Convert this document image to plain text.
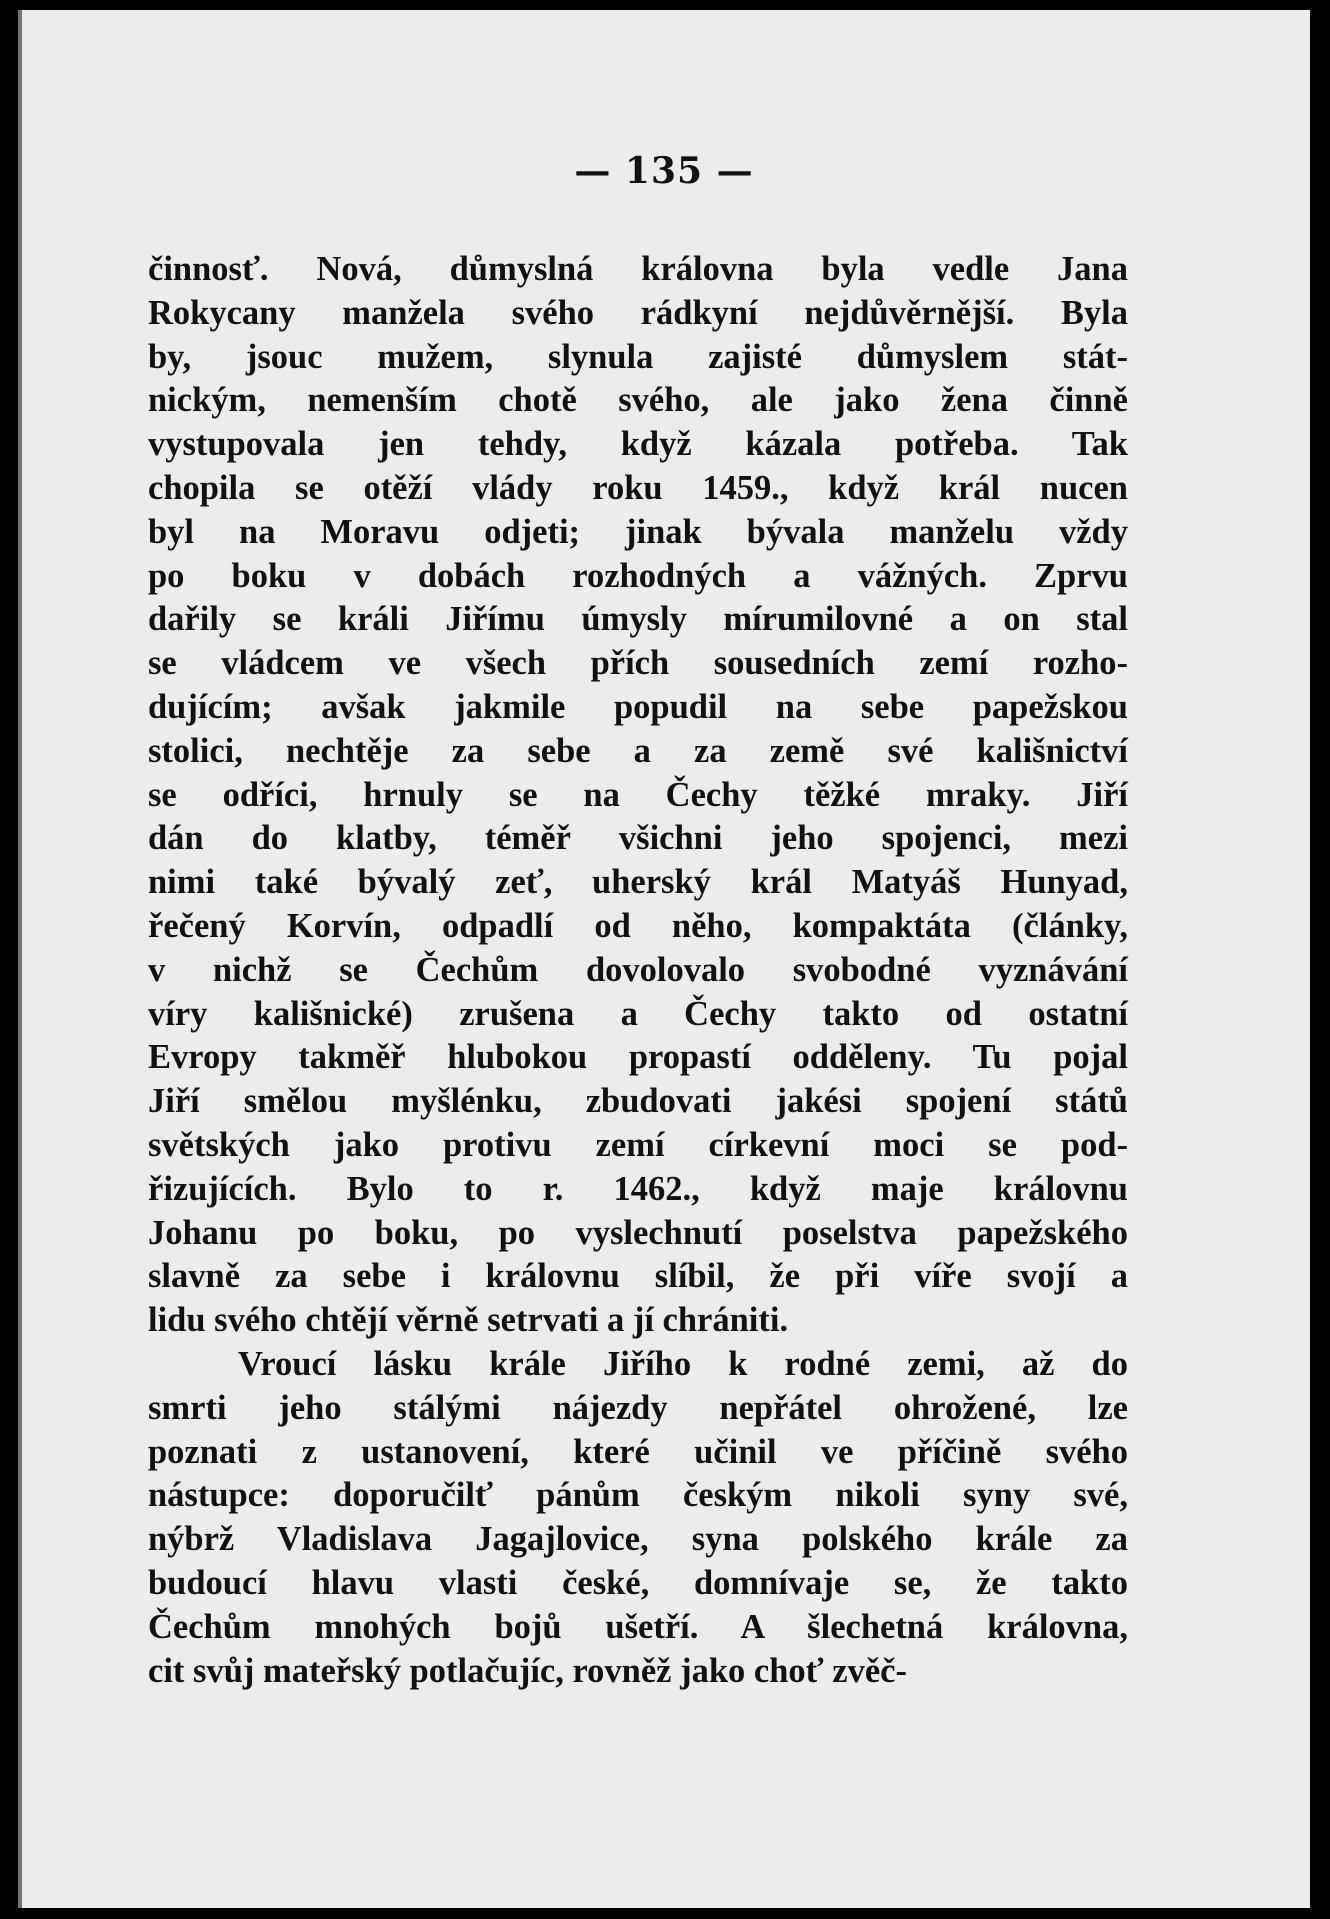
— 135 —
činnosť. Nová, důmyslná královna byla vedle Jana
Rokycany manžela svého rádkyní nejdůvěrnější. Byla
by, jsouc mužem, slynula zajisté důmyslem stát-
nickým, nemenším chotě svého, ale jako žena činně
vystupovala jen tehdy, když kázala potřeba. Tak
chopila se otěží vlády roku 1459., když král nucen
byl na Moravu odjeti; jinak bývala manželu vždy
po boku v dobách rozhodných a vážných. Zprvu
dařily se králi Jiřímu úmysly mírumilovné a on stal
se vládcem ve všech přích sousedních zemí rozho-
dujícím; avšak jakmile popudil na sebe papežskou
stolici, nechtěje za sebe a za země své kališnictví
se odříci, hrnuly se na Čechy těžké mraky. Jiří
dán do klatby, téměř všichni jeho spojenci, mezi
nimi také bývalý zeť, uherský král Matyáš Hunyad,
řečený Korvín, odpadlí od něho, kompaktáta (články,
v nichž se Čechům dovolovalo svobodné vyznávání
víry kališnické) zrušena a Čechy takto od ostatní
Evropy takměř hlubokou propastí odděleny. Tu pojal
Jiří smělou myšlénku, zbudovati jakési spojení států
světských jako protivu zemí církevní moci se pod-
řizujících. Bylo to r. 1462., když maje královnu
Johanu po boku, po vyslechnutí poselstva papežského
slavně za sebe i královnu slíbil, že při víře svojí a
lidu svého chtějí věrně setrvati a jí chrániti.
Vroucí lásku krále Jiřího k rodné zemi, až do
smrti jeho stálými nájezdy nepřátel ohrožené, lze
poznati z ustanovení, které učinil ve příčině svého
nástupce: doporučilť pánům českým nikoli syny své,
nýbrž Vladislava Jagajlovice, syna polského krále za
budoucí hlavu vlasti české, domnívaje se, že takto
Čechům mnohých bojů ušetří. A šlechetná královna,
cit svůj mateřský potlačujíc, rovněž jako choť zvěč-
